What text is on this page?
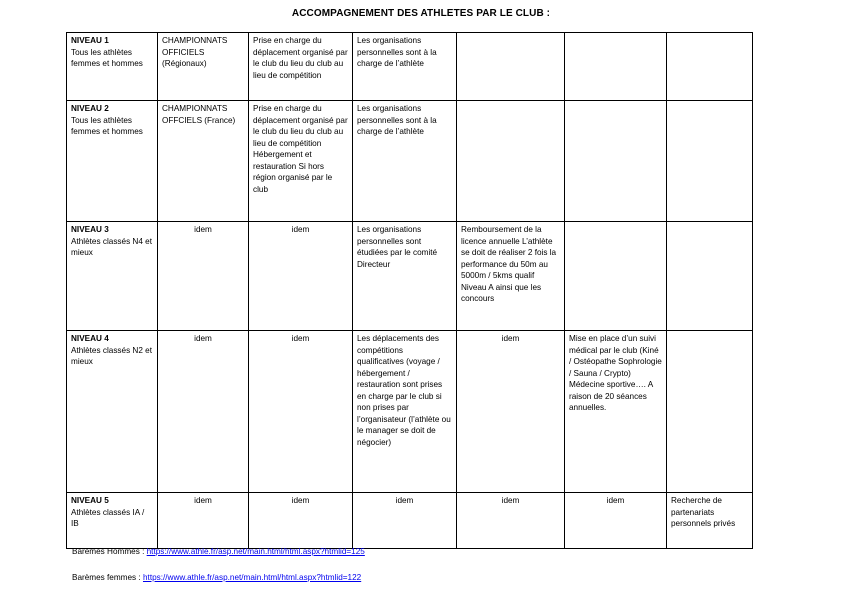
ACCOMPAGNEMENT DES ATHLETES PAR LE CLUB :
NIVEAU 1
Tous les athlètes femmes et hommes	CHAMPIONNATS OFFICIELS (Régionaux)	Prise en charge du déplacement organisé par le club du lieu du club au lieu de compétition	Les organisations personnelles sont à la charge de l’athlète			

NIVEAU 2
Tous les athlètes femmes et hommes	CHAMPIONNATS OFFCIELS (France)	Prise en charge du déplacement organisé par le club du lieu du club au lieu de compétition Hébergement et restauration Si hors région organisé par le club	Les organisations personnelles sont à la charge de l’athlète			

NIVEAU 3
Athlètes classés N4 et mieux	idem	idem	Les organisations personnelles sont étudiées par le comité Directeur	Remboursement de la licence annuelle L’athlète se doit de réaliser 2 fois la performance du 50m au 5000m / 5kms qualif Niveau A ainsi que les concours		

NIVEAU 4
Athlètes classés N2 et mieux	idem	idem	Les déplacements des compétitions qualificatives (voyage / hébergement / restauration sont prises en charge par le club si non prises par l’organisateur (l’athlète ou le manager se doit de négocier)	idem	Mise en place d’un suivi médical par le club (Kiné / Ostéopathe Sophrologie / Sauna / Crypto) Médecine sportive…. A raison de 20 séances annuelles.	

NIVEAU 5
Athlètes classés IA / IB	idem	idem	idem	idem	idem	Recherche de partenariats personnels privés
Barèmes Hommes : https://www.athle.fr/asp.net/main.html/html.aspx?htmlid=125
Barèmes femmes : https://www.athle.fr/asp.net/main.html/html.aspx?htmlid=122
